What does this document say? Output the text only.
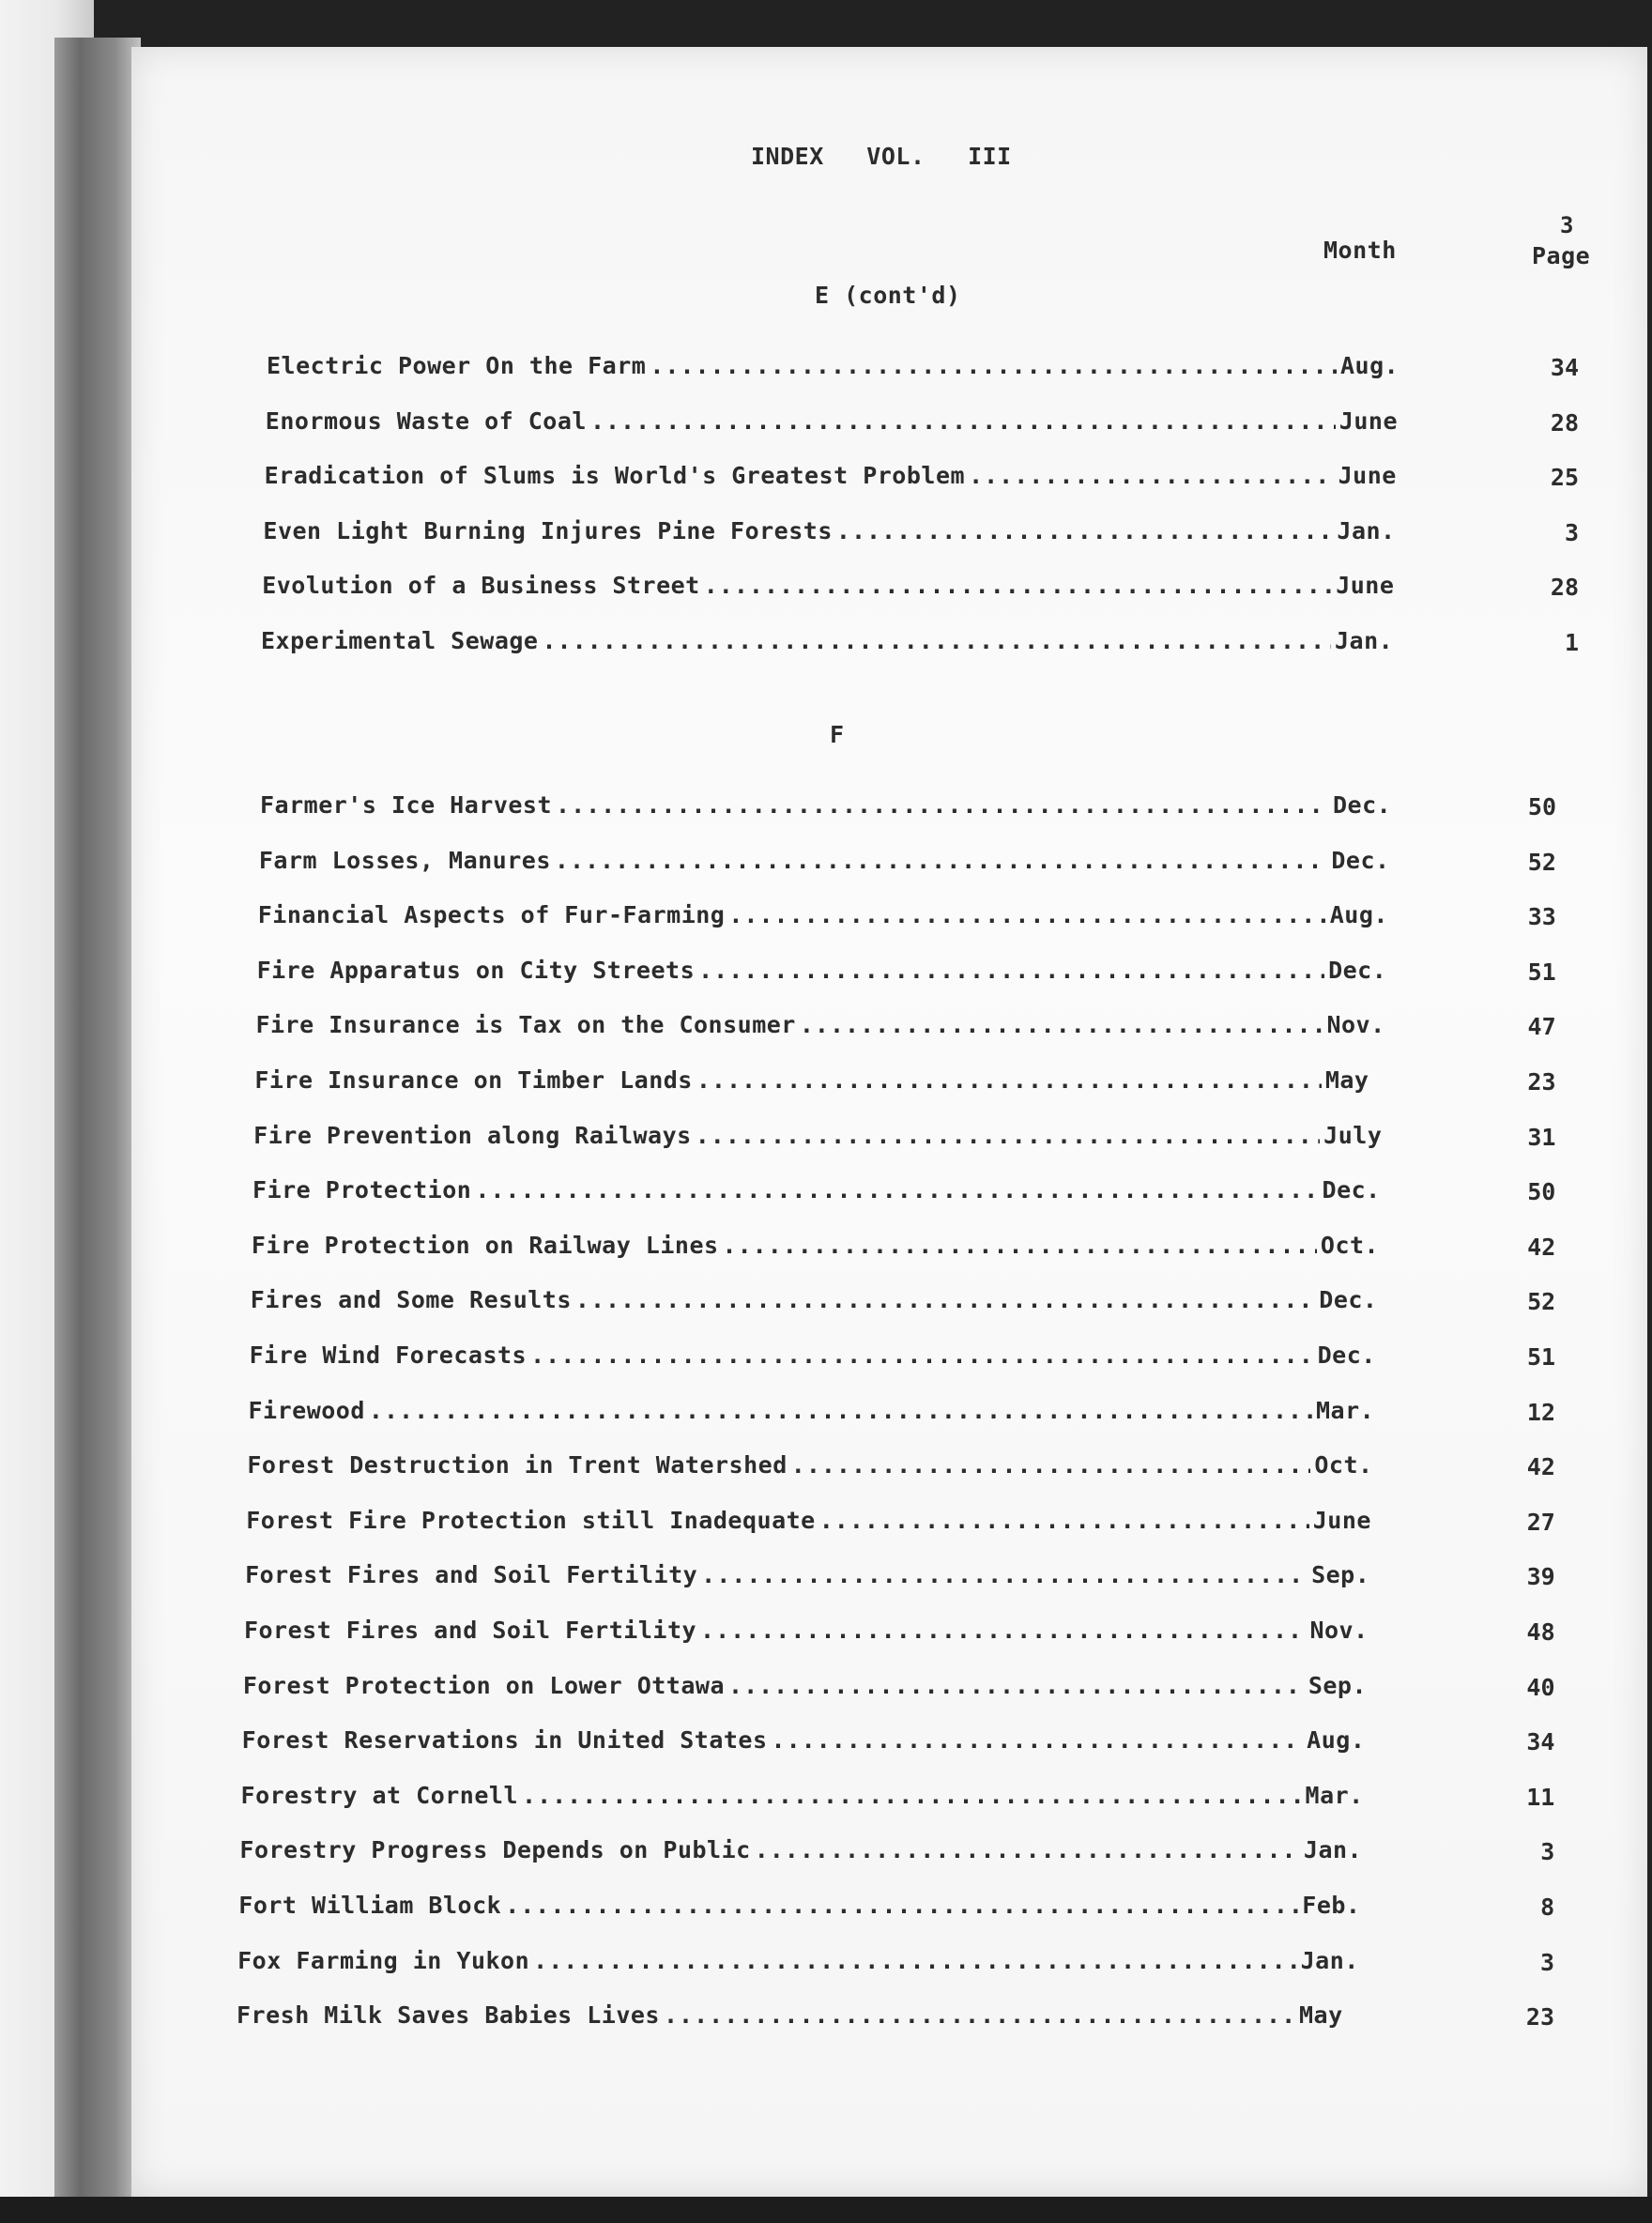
INDEX VOL. III
3
Month	Page
E (cont'd)
F
Electric Power On the Farm .....	Aug.	34
Enormous Waste of Coal .....	June	28
Eradication of Slums is World's Greatest Problem .....	June	25
Even Light Burning Injures Pine Forests .....	Jan.	3
Evolution of a Business Street .....	June	28
Experimental Sewage .....	Jan.	1
Farmer's Ice Harvest .....	Dec.	50
Farm Losses, Manures .....	Dec.	52
Financial Aspects of Fur-Farming .....	Aug.	33
Fire Apparatus on City Streets .....	Dec.	51
Fire Insurance is Tax on the Consumer .....	Nov.	47
Fire Insurance on Timber Lands .....	May	23
Fire Prevention along Railways .....	July	31
Fire Protection .....	Dec.	50
Fire Protection on Railway Lines .....	Oct.	42
Fires and Some Results .....	Dec.	52
Fire Wind Forecasts .....	Dec.	51
Firewood .....	Mar.	12
Forest Destruction in Trent Watershed .....	Oct.	42
Forest Fire Protection still Inadequate .....	June	27
Forest Fires and Soil Fertility .....	Sep.	39
Forest Fires and Soil Fertility .....	Nov.	48
Forest Protection on Lower Ottawa .....	Sep.	40
Forest Reservations in United States .....	Aug.	34
Forestry at Cornell .....	Mar.	11
Forestry Progress Depends on Public .....	Jan.	3
Fort William Block .....	Feb.	8
Fox Farming in Yukon .....	Jan.	3
Fresh Milk Saves Babies Lives .....	May	23
